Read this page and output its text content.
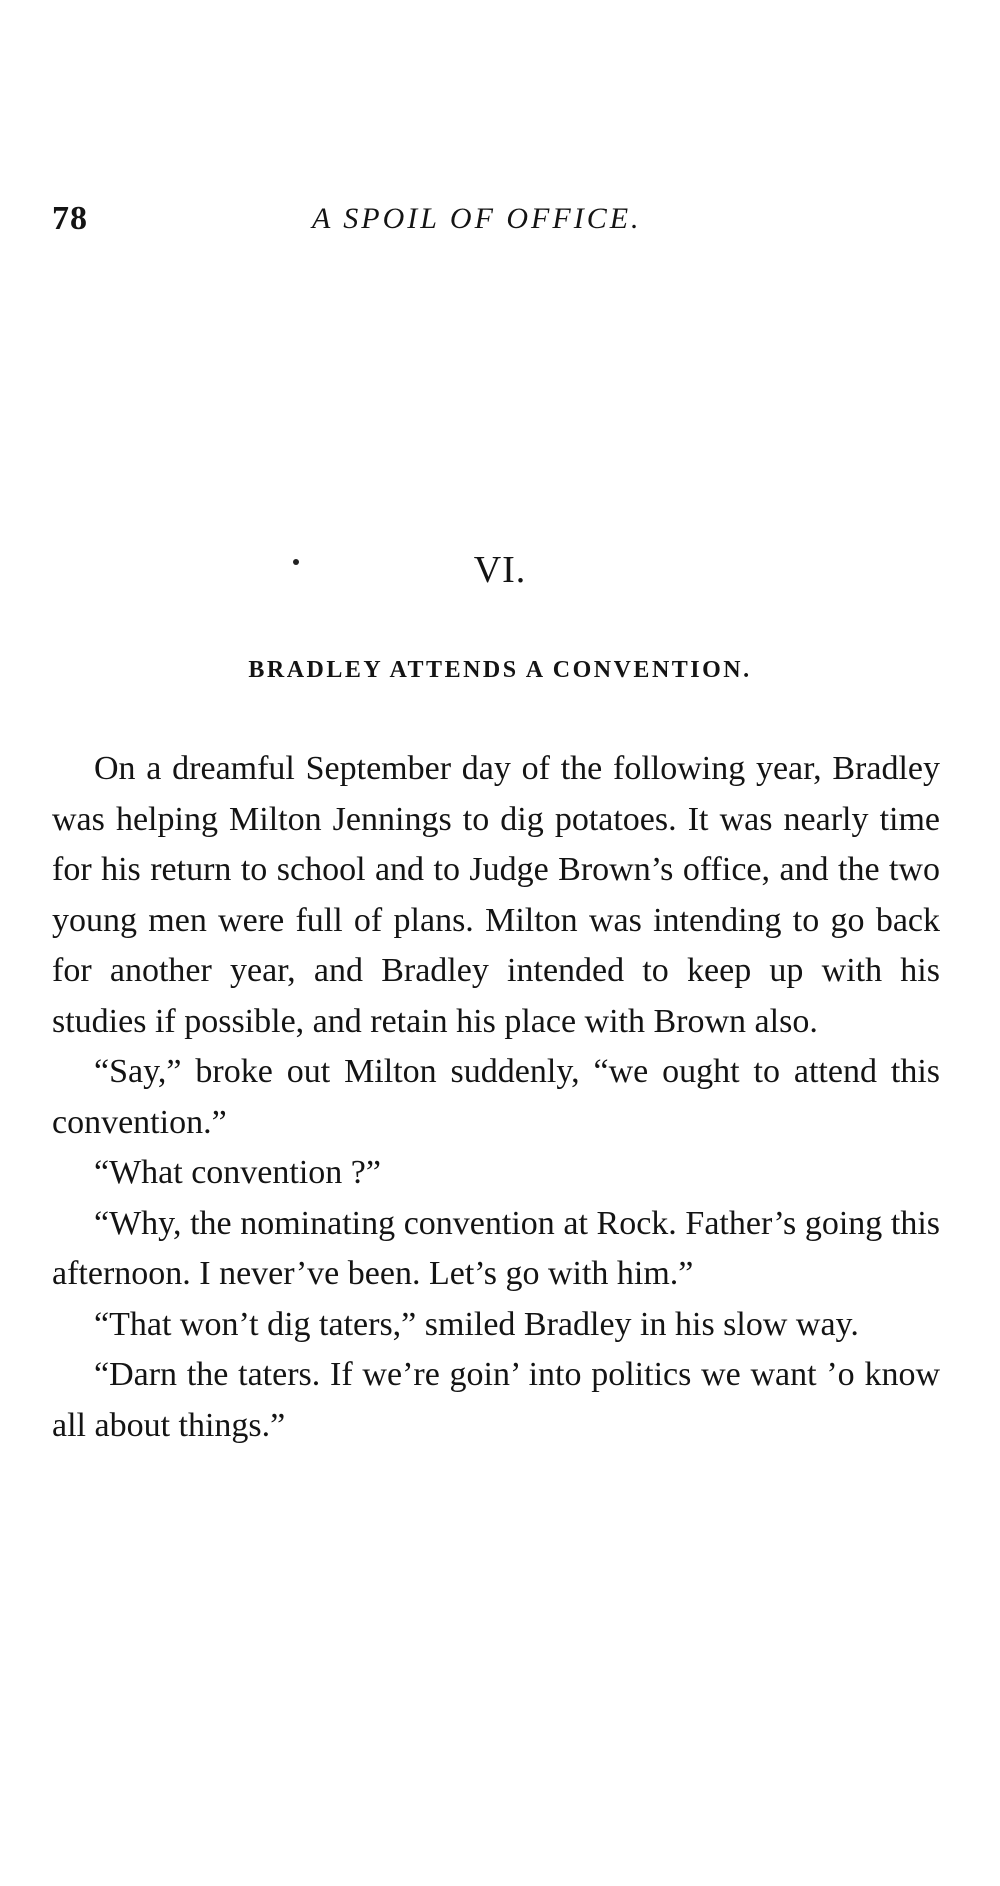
78	A SPOIL OF OFFICE.
VI.
BRADLEY ATTENDS A CONVENTION.

On a dreamful September day of the following year, Bradley was helping Milton Jennings to dig potatoes. It was nearly time for his return to school and to Judge Brown’s office, and the two young men were full of plans. Milton was intending to go back for another year, and Bradley intended to keep up with his studies if possible, and retain his place with Brown also.

“Say,” broke out Milton suddenly, “we ought to attend this convention.”

“What convention ?”

“Why, the nominating convention at Rock. Father’s going this afternoon. I never’ve been. Let’s go with him.”

“That won’t dig taters,” smiled Bradley in his slow way.

“Darn the taters. If we’re goin’ into politics we want ’o know all about things.”
